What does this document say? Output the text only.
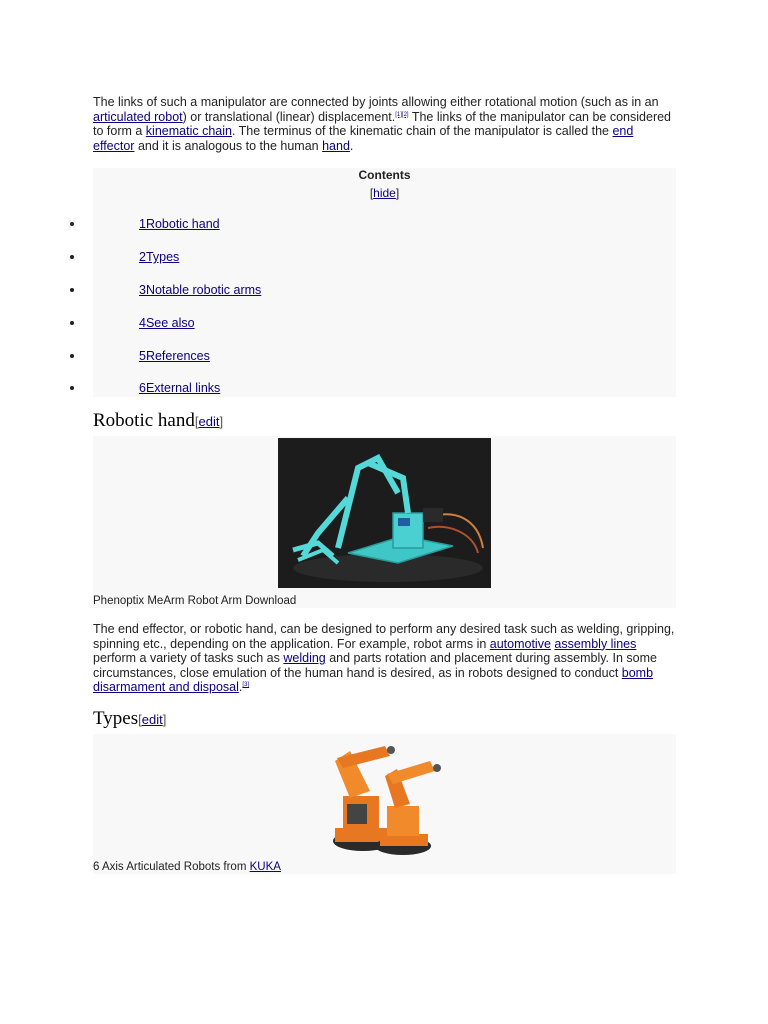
The links of such a manipulator are connected by joints allowing either rotational motion (such as in an articulated robot) or translational (linear) displacement.[1][2] The links of the manipulator can be considered to form a kinematic chain. The terminus of the kinematic chain of the manipulator is called the end effector and it is analogous to the human hand.

Contents
[hide]
1Robotic hand
2Types
3Notable robotic arms
4See also
5References
6External links
Robotic hand[edit]
Phenoptix MeArm Robot Arm Download

The end effector, or robotic hand, can be designed to perform any desired task such as welding, gripping, spinning etc., depending on the application. For example, robot arms in automotive assembly lines perform a variety of tasks such as welding and parts rotation and placement during assembly. In some circumstances, close emulation of the human hand is desired, as in robots designed to conduct bomb disarmament and disposal.[3]

Types[edit]
6 Axis Articulated Robots from KUKA
